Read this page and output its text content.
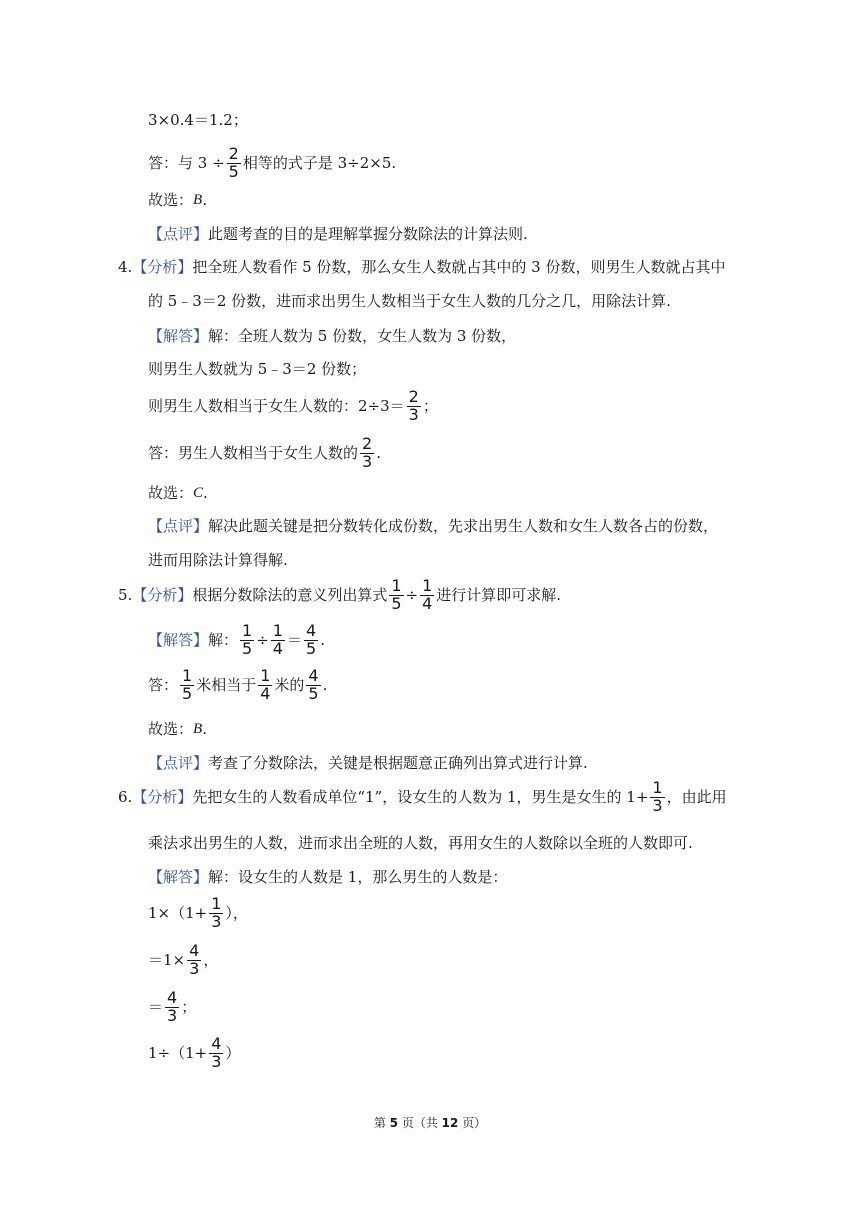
3×0.4＝1.2；
答：与 $3 \div \frac{2}{5}$ 相等的式子是 3÷2×5.
故选： B .
【点评】 此题考查的目的是理解掌握分数除法的计算法则.
4. 【分析】 把全班人数看作 5 份数，那么女生人数就占其中的 3 份数，则男生人数就占其中
的 5﹣3＝2 份数，进而求出男生人数相当于女生人数的几分之几，用除法计算.
【解答】 解：全班人数为 5 份数，女生人数为 3 份数，
则男生人数就为 5﹣3＝2 份数；
则男生人数相当于女生人数的：$2\div 3= \frac{2}{3}$ ；
答：男生人数相当于女生人数的 $\frac{2}{3}$ .
故选： C .
【点评】 解决此题关键是把分数转化成份数，先求出男生人数和女生人数各占的份数，
进而用除法计算得解.
5. 【分析】 根据分数除法的意义列出算式 $\frac{1}{5} \div \frac{1}{4}$ 进行计算即可求解.
【解答】 解： $\frac{1}{5} \div \frac{1}{4} = \frac{4}{5}$ .
答： $\frac{1}{5}$ 米相当于 $\frac{1}{4}$ 米的 $\frac{4}{5}$ .
故选： B .
【点评】 考查了分数除法，关键是根据题意正确列出算式进行计算.
6. 【分析】 先把女生的人数看成单位“1”，设女生的人数为 1，男生是女生的 $1+ \frac{1}{3}$ ，由此用
乘法求出男生的人数，进而求出全班的人数，再用女生的人数除以全班的人数即可.
【解答】 解：设女生的人数是 1，那么男生的人数是：
$1\times(1+ \frac{1}{3}$ ），
$=1\times \frac{4}{3}$ ，
＝ $\frac{4}{3}$ ；
$1\div(1+ \frac{4}{3}$ ）
第 5 页（共 12 页）
